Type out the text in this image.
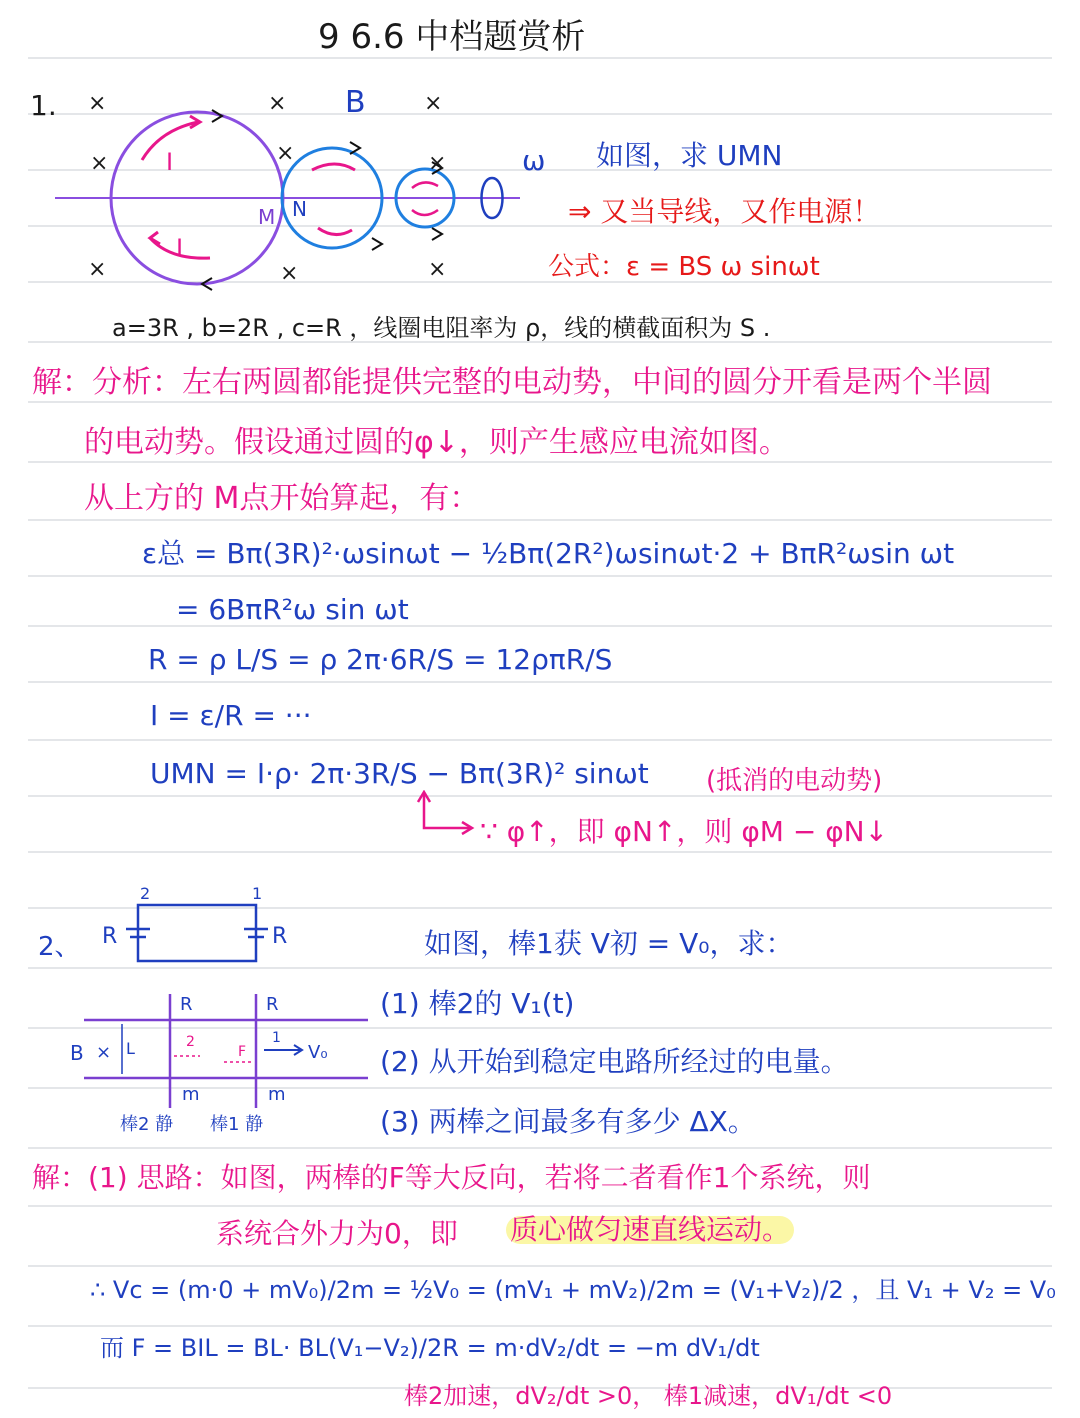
9 6.6 中档题赏析
1. ×	×	×
×	×	×
×	×	×
B
I
I
M N
ω 如图，求 UMN
⇒ 又当导线，又作电源！
公式：ε = BS ω sinωt
a=3R , b=2R , c=R ，线圈电阻率为 ρ，线的横截面积为 S .
解：分析：左右两圆都能提供完整的电动势，中间的圆分开看是两个半圆
的电动势。假设通过圆的φ↓，则产生感应电流如图。
从上方的 M点开始算起，有：
ε总 = Bπ(3R)²·ωsinωt − ½Bπ(2R²)ωsinωt·2 + BπR²ωsin ωt
= 6BπR²ω sin ωt
R = ρ L/S = ρ 2π·6R/S = 12ρπR/S
I = ε/R = ···
UMN = I·ρ· 2π·3R/S − Bπ(3R)² sinωt (抵消的电动势)
∵ φ↑，即 φN↑，则 φM − φN↓
2、 R	R
2	1
如图，棒1获 V初 = V₀，求：
(1) 棒2的 V₁(t)
(2) 从开始到稳定电路所经过的电量。
(3) 两棒之间最多有多少 ΔX。
R	R
m	m
B × L	2	1
F	V₀
棒2 静 棒1 静
解：(1) 思路：如图，两棒的F等大反向，若将二者看作1个系统，则
系统合外力为0，即 质心做匀速直线运动。
∴ Vc = (m·0 + mV₀)/2m = ½V₀ = (mV₁ + mV₂)/2m = (V₁+V₂)/2 ，且 V₁ + V₂ = V₀
而 F = BIL = BL· BL(V₁−V₂)/2R = m·dV₂/dt = −m dV₁/dt
棒2加速，dV₂/dt >0， 棒1减速，dV₁/dt <0
